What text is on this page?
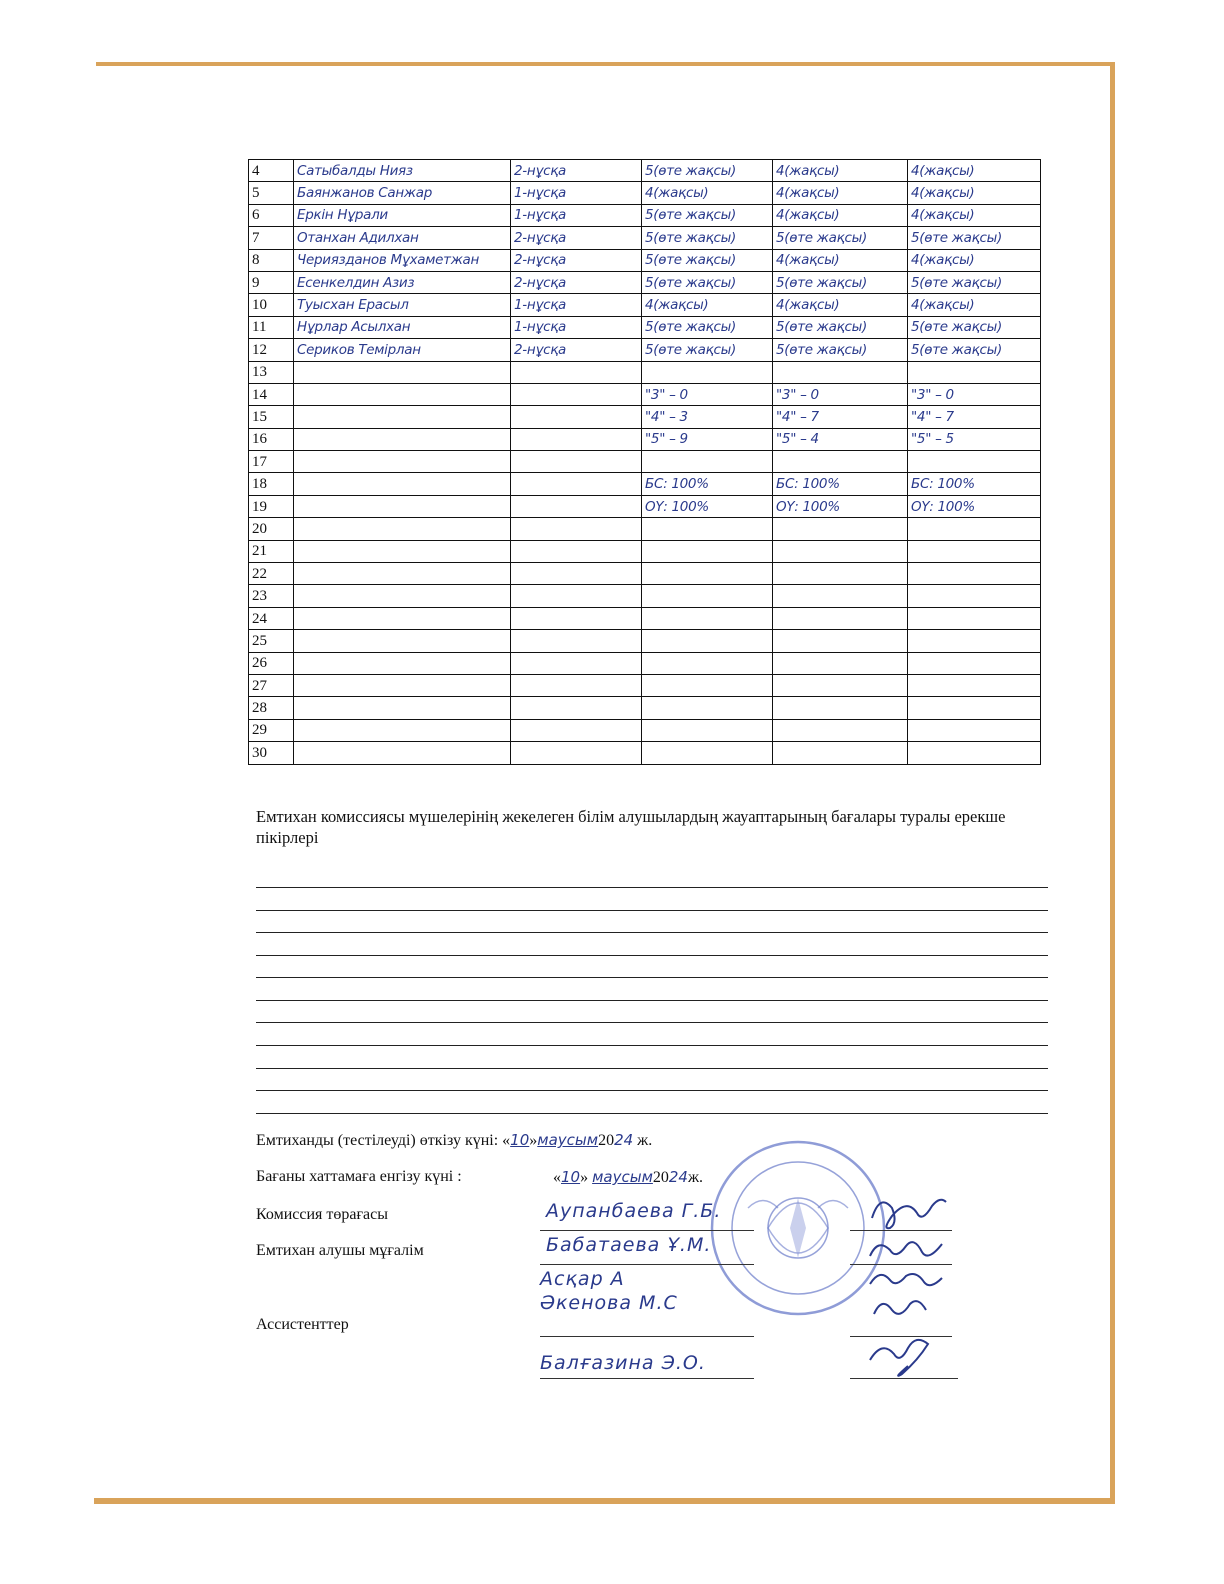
4	Сатыбалды Нияз	2-нұсқа	5(өте жақсы)	4(жақсы)	4(жақсы)
5	Баянжанов Санжар	1-нұсқа	4(жақсы)	4(жақсы)	4(жақсы)
6	Еркін Нұрали	1-нұсқа	5(өте жақсы)	4(жақсы)	4(жақсы)
7	Отанхан Адилхан	2-нұсқа	5(өте жақсы)	5(өте жақсы)	5(өте жақсы)
8	Чериязданов Мұхаметжан	2-нұсқа	5(өте жақсы)	4(жақсы)	4(жақсы)
9	Есенкелдин Азиз	2-нұсқа	5(өте жақсы)	5(өте жақсы)	5(өте жақсы)
10	Туысхан Ерасыл	1-нұсқа	4(жақсы)	4(жақсы)	4(жақсы)
11	Нұрлар Асылхан	1-нұсқа	5(өте жақсы)	5(өте жақсы)	5(өте жақсы)
12	Сериков Темірлан	2-нұсқа	5(өте жақсы)	5(өте жақсы)	5(өте жақсы)
13					
14			"3" – 0	"3" – 0	"3" – 0
15			"4" – 3	"4" – 7	"4" – 7
16			"5" – 9	"5" – 4	"5" – 5
17					
18			БС: 100%	БС: 100%	БС: 100%
19			ОҮ: 100%	ОҮ: 100%	ОҮ: 100%
20					
21					
22					
23					
24					
25					
26					
27					
28					
29					
30					
Емтихан комиссиясы мүшелерінің жекелеген білім алушылардың жауаптарының бағалары туралы ерекше пікірлері
Емтиханды (тестілеуді) өткізу күні: «10»маусым2024 ж.
Бағаны хаттамаға енгізу күні :	«10» маусым2024ж.
Комиссия төрағасы	Аупанбаева Г.Б.
Емтихан алушы мұғалім	Бабатаева Ұ.М.
Асқар А
Әкенова М.С
Ассистенттер
Балғазина Э.О.
